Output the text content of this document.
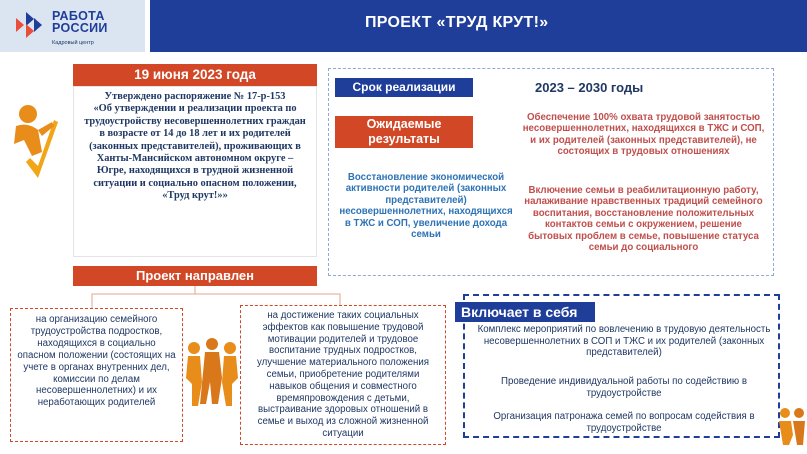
РАБОТА
РОССИИ
Кадровый центр
ПРОЕКТ «ТРУД КРУТ!»
19 июня 2023 года
Утверждено распоряжение № 17-р-153
«Об утверждении и реализации проекта по трудоустройству несовершеннолетних граждан в возрасте от 14 до 18 лет и их родителей (законных представителей), проживающих в Ханты-Мансийском автономном округе – Югре, находящихся в трудной жизненной ситуации и социально опасном положении, «Труд крут!»»
Проект направлен
Срок реализации	2023 – 2030 годы
Ожидаемые результаты
Восстановление экономической активности родителей (законных представителей) несовершеннолетних, находящихся в ТЖС и СОП, увеличение дохода семьи
Обеспечение 100% охвата трудовой занятостью несовершеннолетних, находящихся в ТЖС и СОП, и их родителей (законных представителей), не состоящих в трудовых отношениях
Включение семьи в реабилитационную работу, налаживание нравственных традиций семейного воспитания, восстановление положительных контактов семьи с окружением, решение бытовых проблем в семье, повышение статуса семьи до социального
на организацию семейного трудоустройства подростков, находящихся в социально опасном положении (состоящих на учете в органах внутренних дел, комиссии по делам несовершеннолетних) и их неработающих родителей
на достижение таких социальных эффектов как повышение трудовой мотивации родителей и трудовое воспитание трудных подростков, улучшение материального положения семьи, приобретение родителями навыков общения и совместного времяпровождения с детьми, выстраивание здоровых отношений в семье и выход из сложной жизненной ситуации
Включает в себя
Комплекс мероприятий по вовлечению в трудовую деятельность несовершеннолетних в СОП и ТЖС и их родителей (законных представителей)
Проведение индивидуальной работы по содействию в трудоустройстве
Организация патронажа семей по вопросам содействия в трудоустройстве
